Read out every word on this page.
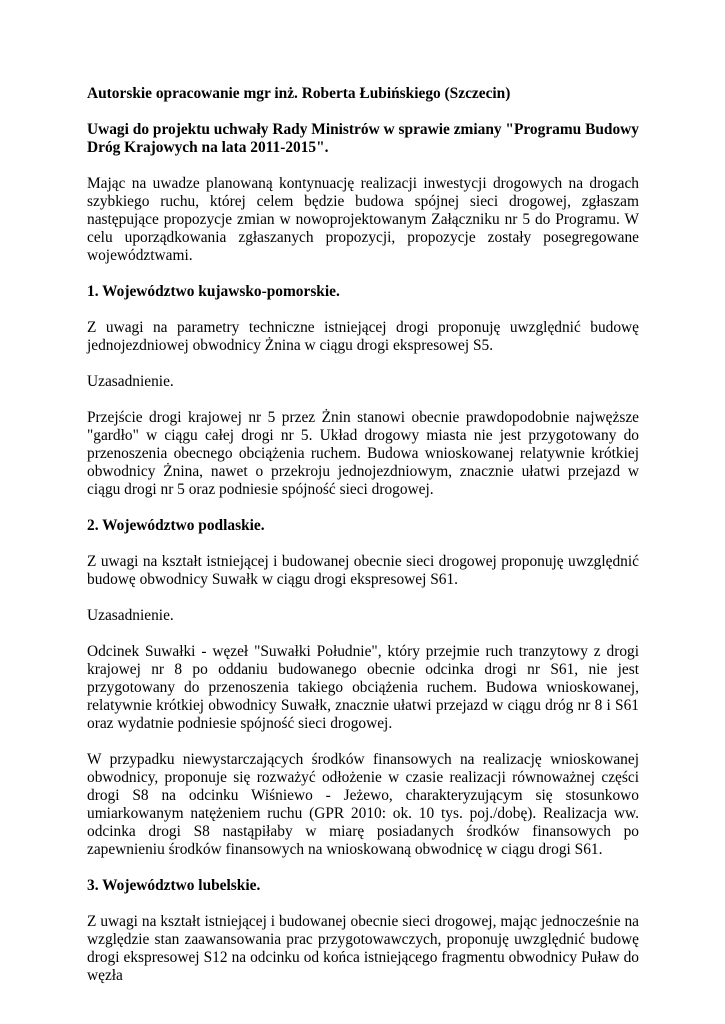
Autorskie opracowanie mgr inż. Roberta Łubińskiego (Szczecin)

Uwagi do projektu uchwały Rady Ministrów w sprawie zmiany "Programu Budowy Dróg Krajowych na lata 2011-2015".

Mając na uwadze planowaną kontynuację realizacji inwestycji drogowych na drogach szybkiego ruchu, której celem będzie budowa spójnej sieci drogowej, zgłaszam następujące propozycje zmian w nowoprojektowanym Załączniku nr 5 do Programu. W celu uporządkowania zgłaszanych propozycji, propozycje zostały posegregowane województwami.

1. Województwo kujawsko-pomorskie.

Z uwagi na parametry techniczne istniejącej drogi proponuję uwzględnić budowę jednojezdniowej obwodnicy Żnina w ciągu drogi ekspresowej S5.

Uzasadnienie.

Przejście drogi krajowej nr 5 przez Żnin stanowi obecnie prawdopodobnie najwęższe "gardło" w ciągu całej drogi nr 5. Układ drogowy miasta nie jest przygotowany do przenoszenia obecnego obciążenia ruchem. Budowa wnioskowanej relatywnie krótkiej obwodnicy Żnina, nawet o przekroju jednojezdniowym, znacznie ułatwi przejazd w ciągu drogi nr 5 oraz podniesie spójność sieci drogowej.

2. Województwo podlaskie.

Z uwagi na kształt istniejącej i budowanej obecnie sieci drogowej proponuję uwzględnić budowę obwodnicy Suwałk w ciągu drogi ekspresowej S61.

Uzasadnienie.

Odcinek Suwałki - węzeł "Suwałki Południe", który przejmie ruch tranzytowy z drogi krajowej nr 8 po oddaniu budowanego obecnie odcinka drogi nr S61, nie jest przygotowany do przenoszenia takiego obciążenia ruchem. Budowa wnioskowanej, relatywnie krótkiej obwodnicy Suwałk, znacznie ułatwi przejazd w ciągu dróg nr 8 i S61 oraz wydatnie podniesie spójność sieci drogowej.

W przypadku niewystarczających środków finansowych na realizację wnioskowanej obwodnicy, proponuje się rozważyć odłożenie w czasie realizacji równoważnej części drogi S8 na odcinku Wiśniewo - Jeżewo, charakteryzującym się stosunkowo umiarkowanym natężeniem ruchu (GPR 2010: ok. 10 tys. poj./dobę). Realizacja ww. odcinka drogi S8 nastąpiłaby w miarę posiadanych środków finansowych po zapewnieniu środków finansowych na wnioskowaną obwodnicę w ciągu drogi S61.

3. Województwo lubelskie.

Z uwagi na kształt istniejącej i budowanej obecnie sieci drogowej, mając jednocześnie na względzie stan zaawansowania prac przygotowawczych, proponuję uwzględnić budowę drogi ekspresowej S12 na odcinku od końca istniejącego fragmentu obwodnicy Puław do węzła
